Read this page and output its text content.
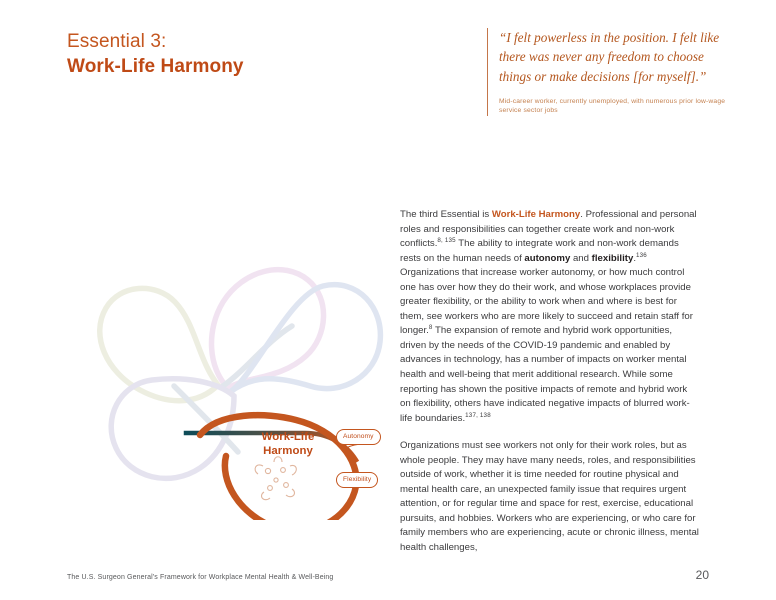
Essential 3:
Work-Life Harmony
“I felt powerless in the position. I felt like there was never any freedom to choose things or make decisions [for myself].”
Mid-career worker, currently unemployed, with numerous prior low-wage service sector jobs
Work-Life
Harmony
Autonomy
Flexibility

The third Essential is Work-Life Harmony. Professional and personal roles and responsibilities can together create work and non-work conflicts.$^{8, 135}$ The ability to integrate work and non-work demands rests on the human needs of autonomy and flexibility.$^{136}$ Organizations that increase worker autonomy, or how much control one has over how they do their work, and whose workplaces provide greater flexibility, or the ability to work when and where is best for them, see workers who are more likely to succeed and retain staff for longer.$^8$ The expansion of remote and hybrid work opportunities, driven by the needs of the COVID-19 pandemic and enabled by advances in technology, has a number of impacts on worker mental health and well-being that merit additional research. While some reporting has shown the positive impacts of remote and hybrid work on flexibility, others have indicated negative impacts of blurred work-life boundaries.$^{137, 138}$

Organizations must see workers not only for their work roles, but as whole people. They may have many needs, roles, and responsibilities outside of work, whether it is time needed for routine physical and mental health care, an unexpected family issue that requires urgent attention, or for regular time and space for rest, exercise, educational pursuits, and hobbies. Workers who are experiencing, or who care for family members who are experiencing, acute or chronic illness, mental health challenges,

The U.S. Surgeon General’s Framework for Workplace Mental Health & Well-Being	20
